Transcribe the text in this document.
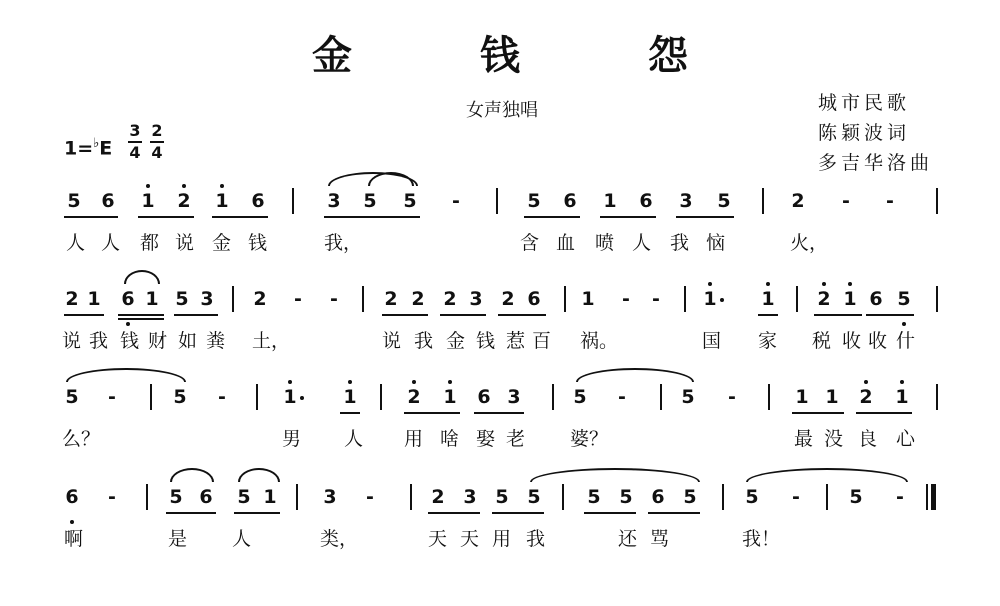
金　钱　怨
女声独唱	城市民歌
陈颖波词
多吉华洛曲
1=♭E
3
4
2
4
5 6 1 2 1 6	3 5 5	-	5 6 1 6 3 5	2	-	-
人 人 都 说 金 钱	我，	含 血 喷 人 我 恼	火，
2 1 6 1 5 3 2	-	-	2 2 2 3 2 6 1	-	-	1 1 2 1 6 5
说 我 钱 财 如 粪 土，	说 我 金 钱 惹 百 祸。	国 家 税 收 收 什
5	-	5	-	1 1	2 1 6 3	5	-	5	-	1 1 2 1
么？	男 人 用 啥 娶 老 婆？	最 没 良 心
6	-	5 6 5 1 3	-	2 3 5 5 5 5 6 5	5	-	5	-
啊	是 人	类，	天 天 用 我	还 骂	我！
